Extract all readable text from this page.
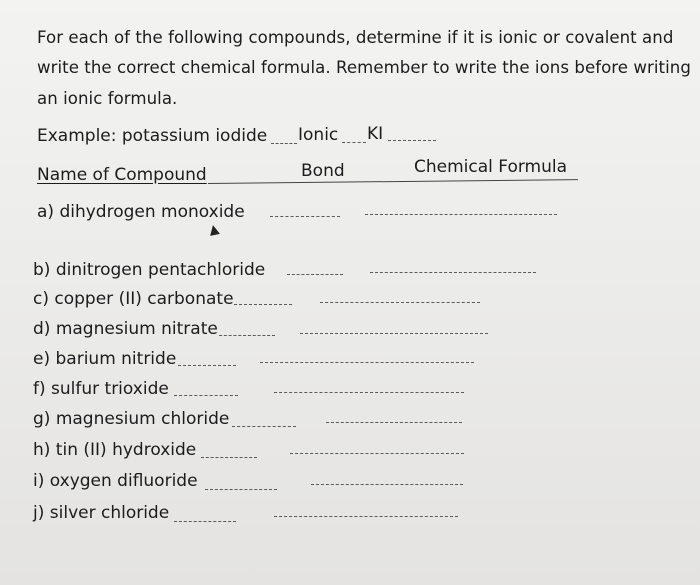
For each of the following compounds, determine if it is ionic or covalent and
write the correct chemical formula. Remember to write the ions before writing
an ionic formula.
Example: potassium iodide Ionic KI
Name of Compound	Bond	Chemical Formula
a) dihydrogen monoxide
b) dinitrogen pentachloride
c) copper (II) carbonate
d) magnesium nitrate
e) barium nitride
f) sulfur trioxide
g) magnesium chloride
h) tin (II) hydroxide
i) oxygen difluoride
j) silver chloride
